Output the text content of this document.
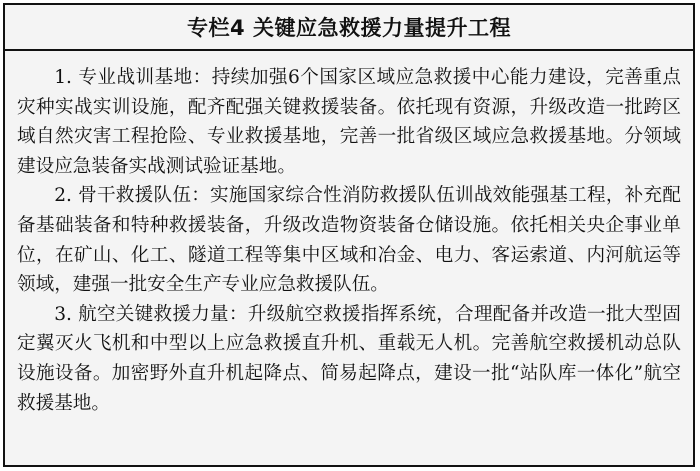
专栏4 关键应急救援力量提升工程

1. 专业战训基地：持续加强6个国家区域应急救援中心能力建设，完善重点灾种实战实训设施，配齐配强关键救援装备。依托现有资源，升级改造一批跨区域自然灾害工程抢险、专业救援基地，完善一批省级区域应急救援基地。分领域建设应急装备实战测试验证基地。

2. 骨干救援队伍：实施国家综合性消防救援队伍训战效能强基工程，补充配备基础装备和特种救援装备，升级改造物资装备仓储设施。依托相关央企事业单位，在矿山、化工、隧道工程等集中区域和冶金、电力、客运索道、内河航运等领域，建强一批安全生产专业应急救援队伍。

3. 航空关键救援力量：升级航空救援指挥系统，合理配备并改造一批大型固定翼灭火飞机和中型以上应急救援直升机、重载无人机。完善航空救援机动总队设施设备。加密野外直升机起降点、简易起降点，建设一批“站队库一体化”航空救援基地。
